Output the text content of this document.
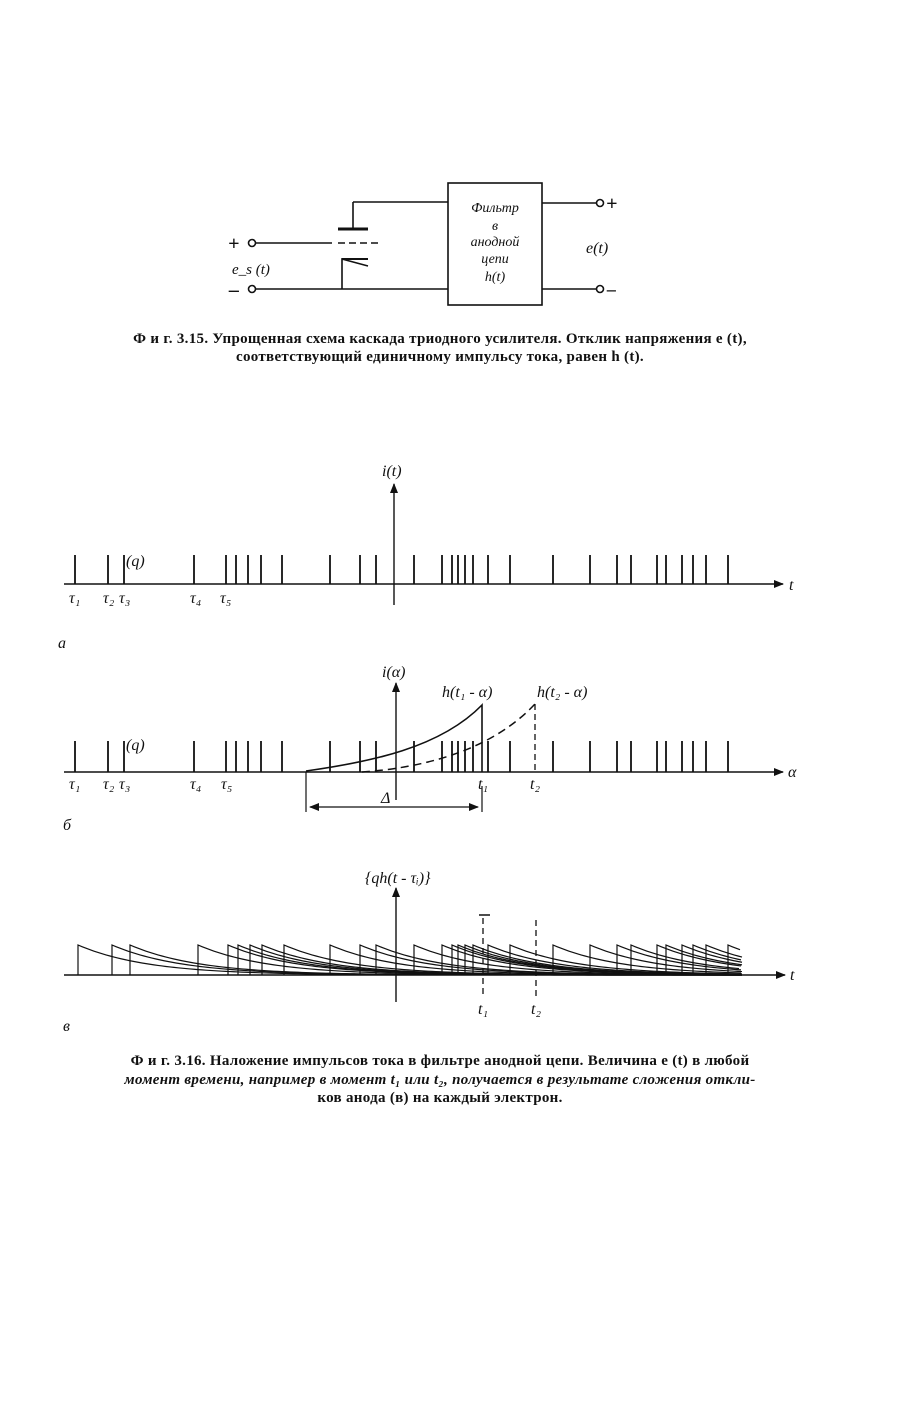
Фильтр
в
анодной
цепи
h(t)
+
–
e_s (t)
+
–
e(t)
i(t)
t
(q)
τ₁ τ₂ τ₃	τ₄ τ₅
а
i(α)
α
h(t₁ - α)	h(t₂ - α)
(q)
τ₁ τ₂ τ₃	τ₄ τ₅	t₁	t₂
Δ
б
{qh(t - τᵢ)}
t
t₁	t₂
в
Ф и г. 3.15. Упрощенная схема каскада триодного усилителя. Отклик напряжения e (t),
соответствующий единичному импульсу тока, равен h (t).
Ф и г. 3.16. Наложение импульсов тока в фильтре анодной цепи. Величина e (t) в любой
момент времени, например в момент t₁ или t₂, получается в результате сложения откли-
ков анода (в) на каждый электрон.
